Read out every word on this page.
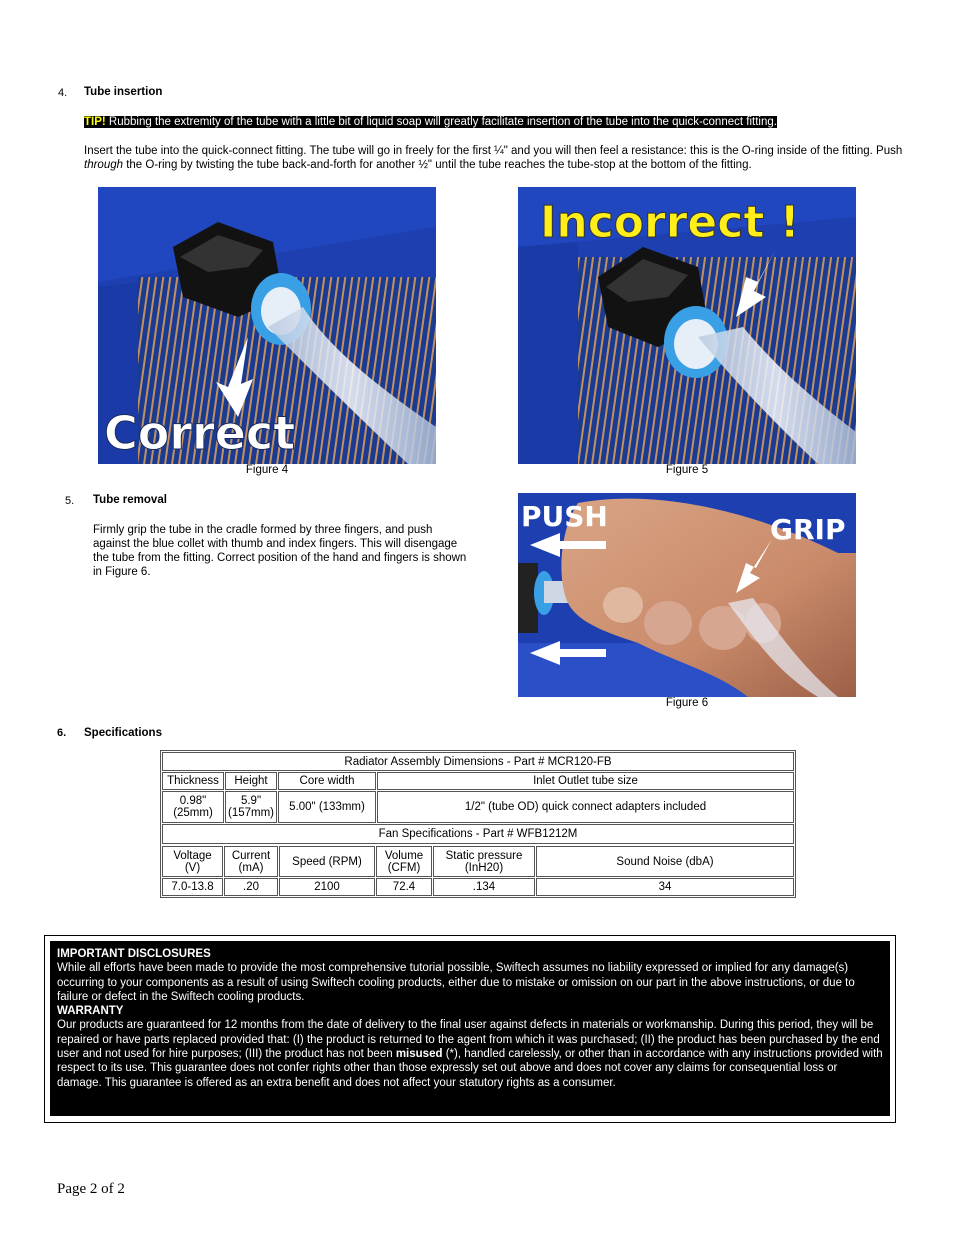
4. Tube insertion
TIP! Rubbing the extremity of the tube with a little bit of liquid soap will greatly facilitate insertion of the tube into the quick-connect fitting.
Insert the tube into the quick-connect fitting. The tube will go in freely for the first ¼" and you will then feel a resistance: this is the O-ring inside of the fitting. Push through the O-ring by twisting the tube back-and-forth for another ½" until the tube reaches the tube-stop at the bottom of the fitting.
Correct
Figure 4
Incorrect !
Figure 5
5. Tube removal
Firmly grip the tube in the cradle formed by three fingers, and push against the blue collet with thumb and index fingers. This will disengage the tube from the fitting. Correct position of the hand and fingers is shown in Figure 6.
PUSH	GRIP
Figure 6
6. Specifications
Radiator Assembly Dimensions - Part # MCR120-FB			
Thickness	Height	Core width	Inlet Outlet tube size
0.98" (25mm)	5.9" (157mm)	5.00" (133mm)	1/2" (tube OD) quick connect adapters included
Fan Specifications - Part # WFB1212M			
Voltage (V)	Current (mA)	Speed (RPM)	Volume (CFM)	Static pressure (InH20)	Sound Noise (dbA)
7.0-13.8	.20	2100	72.4	.134	34
IMPORTANT DISCLOSURES
While all efforts have been made to provide the most comprehensive tutorial possible, Swiftech assumes no liability expressed or implied for any damage(s) occurring to your components as a result of using Swiftech cooling products, either due to mistake or omission on our part in the above instructions, or due to failure or defect in the Swiftech cooling products.
WARRANTY
Our products are guaranteed for 12 months from the date of delivery to the final user against defects in materials or workmanship. During this period, they will be repaired or have parts replaced provided that: (I) the product is returned to the agent from which it was purchased; (II) the product has been purchased by the end user and not used for hire purposes; (III) the product has not been misused (*), handled carelessly, or other than in accordance with any instructions provided with respect to its use. This guarantee does not confer rights other than those expressly set out above and does not cover any claims for consequential loss or damage. This guarantee is offered as an extra benefit and does not affect your statutory rights as a consumer.
Page 2 of 2
